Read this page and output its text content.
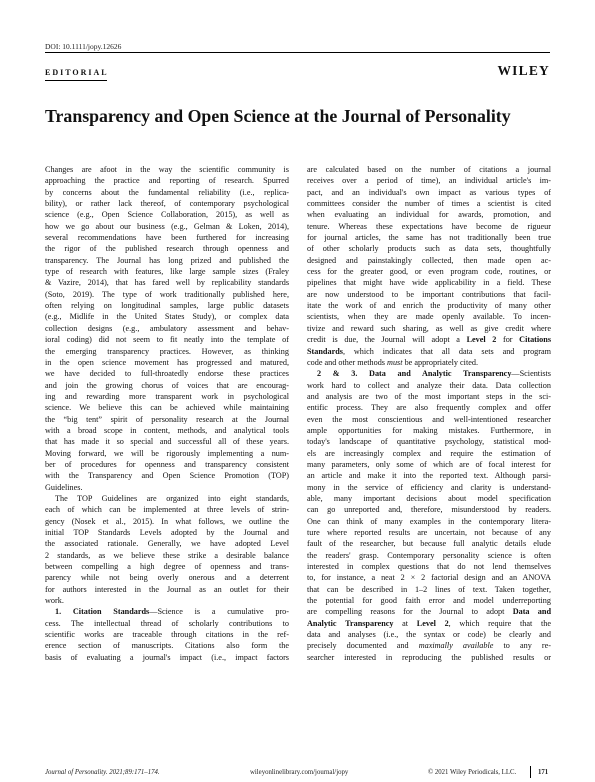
DOI: 10.1111/jopy.12626
EDITORIAL	WILEY
Transparency and Open Science at the Journal of Personality
Changes are afoot in the way the scientific community is
approaching the practice and reporting of research. Spurred
by concerns about the fundamental reliability (i.e., replica-
bility), or rather lack thereof, of contemporary psychological
science (e.g., Open Science Collaboration, 2015), as well as
how we go about our business (e.g., Gelman & Loken, 2014),
several recommendations have been furthered for increasing
the rigor of the published research through openness and
transparency. The Journal has long prized and published the
type of research with features, like large sample sizes (Fraley
& Vazire, 2014), that has fared well by replicability standards
(Soto, 2019). The type of work traditionally published here,
often relying on longitudinal samples, large public datasets
(e.g., Midlife in the United States Study), or complex data
collection designs (e.g., ambulatory assessment and behav-
ioral coding) did not seem to fit neatly into the template of
the emerging transparency practices. However, as thinking
in the open science movement has progressed and matured,
we have decided to full-throatedly endorse these practices
and join the growing chorus of voices that are encourag-
ing and rewarding more transparent work in psychological
science. We believe this can be achieved while maintaining
the “big tent” spirit of personality research at the Journal
with a broad scope in content, methods, and analytical tools
that has made it so special and successful all of these years.
Moving forward, we will be rigorously implementing a num-
ber of procedures for openness and transparency consistent
with the Transparency and Open Science Promotion (TOP)
Guidelines.
The TOP Guidelines are organized into eight standards,
each of which can be implemented at three levels of strin-
gency (Nosek et al., 2015). In what follows, we outline the
initial TOP Standards Levels adopted by the Journal and
the associated rationale. Generally, we have adopted Level
2 standards, as we believe these strike a desirable balance
between compelling a high degree of openness and trans-
parency while not being overly onerous and a deterrent
for authors interested in the Journal as an outlet for their
work.
1. Citation Standards—Science is a cumulative pro-
cess. The intellectual thread of scholarly contributions to
scientific works are traceable through citations in the ref-
erence section of manuscripts. Citations also form the
basis of evaluating a journal's impact (i.e., impact factors
are calculated based on the number of citations a journal
receives over a period of time), an individual article's im-
pact, and an individual's own impact as various types of
committees consider the number of times a scientist is cited
when evaluating an individual for awards, promotion, and
tenure. Whereas these expectations have become de rigueur
for journal articles, the same has not traditionally been true
of other scholarly products such as data sets, thoughtfully
designed and painstakingly collected, then made open ac-
cess for the greater good, or even program code, routines, or
pipelines that might have wide applicability in a field. These
are now understood to be important contributions that facil-
itate the work of and enrich the productivity of many other
scientists, when they are made openly available. To incen-
tivize and reward such sharing, as well as give credit where
credit is due, the Journal will adopt a Level 2 for Citations
Standards, which indicates that all data sets and program
code and other methods must be appropriately cited.
2 & 3. Data and Analytic Transparency—Scientists
work hard to collect and analyze their data. Data collection
and analysis are two of the most important steps in the sci-
entific process. They are also frequently complex and offer
even the most conscientious and well-intentioned researcher
ample opportunities for making mistakes. Furthermore, in
today's landscape of quantitative psychology, statistical mod-
els are increasingly complex and require the estimation of
many parameters, only some of which are of focal interest for
an article and make it into the reported text. Although parsi-
mony in the service of efficiency and clarity is understand-
able, many important decisions about model specification
can go unreported and, therefore, misunderstood by readers.
One can think of many examples in the contemporary litera-
ture where reported results are uncertain, not because of any
fault of the researcher, but because full analytic details elude
the readers' grasp. Contemporary personality science is often
interested in complex questions that do not lend themselves
to, for instance, a neat 2 × 2 factorial design and an ANOVA
that can be described in 1–2 lines of text. Taken together,
the potential for good faith error and model underreporting
are compelling reasons for the Journal to adopt Data and
Analytic Transparency at Level 2, which require that the
data and analyses (i.e., the syntax or code) be clearly and
precisely documented and maximally available to any re-
searcher interested in reproducing the published results or
Journal of Personality. 2021;89:171–174.	wileyonlinelibrary.com/journal/jopy	© 2021 Wiley Periodicals, LLC.	171
